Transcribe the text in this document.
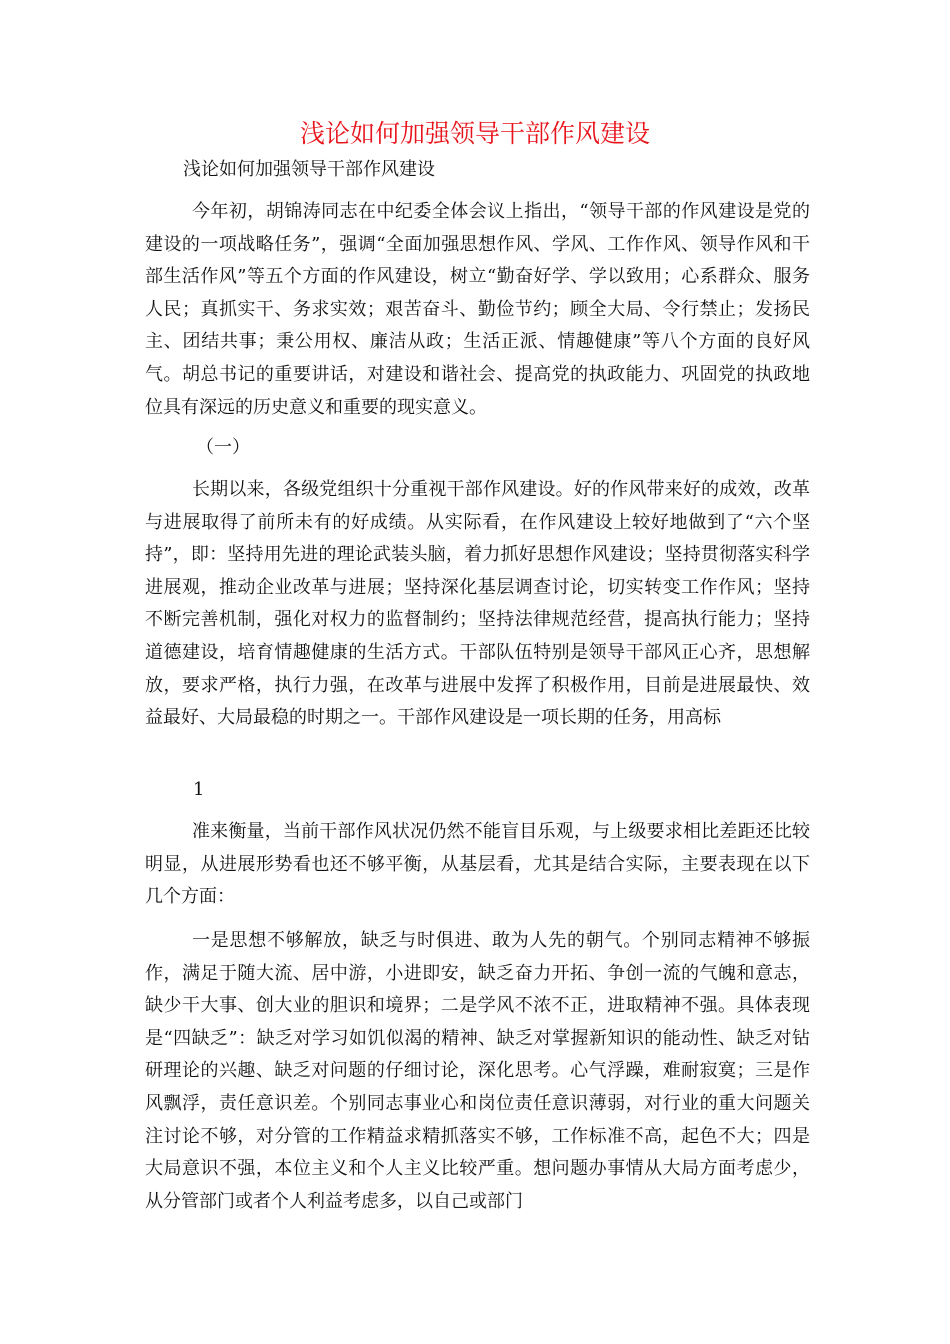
浅论如何加强领导干部作风建设
浅论如何加强领导干部作风建设

今年初，胡锦涛同志在中纪委全体会议上指出，“领导干部的作风建设是党的建设的一项战略任务”，强调“全面加强思想作风、学风、工作作风、领导作风和干部生活作风”等五个方面的作风建设，树立“勤奋好学、学以致用；心系群众、服务人民；真抓实干、务求实效；艰苦奋斗、勤俭节约；顾全大局、令行禁止；发扬民主、团结共事；秉公用权、廉洁从政；生活正派、情趣健康”等八个方面的良好风气。胡总书记的重要讲话，对建设和谐社会、提高党的执政能力、巩固党的执政地位具有深远的历史意义和重要的现实意义。

（一）

长期以来，各级党组织十分重视干部作风建设。好的作风带来好的成效，改革与进展取得了前所未有的好成绩。从实际看，在作风建设上较好地做到了“六个坚持”，即：坚持用先进的理论武装头脑，着力抓好思想作风建设；坚持贯彻落实科学进展观，推动企业改革与进展；坚持深化基层调查讨论，切实转变工作作风；坚持不断完善机制，强化对权力的监督制约；坚持法律规范经营，提高执行能力；坚持道德建设，培育情趣健康的生活方式。干部队伍特别是领导干部风正心齐，思想解放，要求严格，执行力强，在改革与进展中发挥了积极作用，目前是进展最快、效益最好、大局最稳的时期之一。干部作风建设是一项长期的任务，用高标

1

准来衡量，当前干部作风状况仍然不能盲目乐观，与上级要求相比差距还比较明显，从进展形势看也还不够平衡，从基层看，尤其是结合实际，主要表现在以下几个方面：

一是思想不够解放，缺乏与时俱进、敢为人先的朝气。个别同志精神不够振作，满足于随大流、居中游，小进即安，缺乏奋力开拓、争创一流的气魄和意志，缺少干大事、创大业的胆识和境界；二是学风不浓不正，进取精神不强。具体表现是“四缺乏”：缺乏对学习如饥似渴的精神、缺乏对掌握新知识的能动性、缺乏对钻研理论的兴趣、缺乏对问题的仔细讨论，深化思考。心气浮躁，难耐寂寞；三是作风飘浮，责任意识差。个别同志事业心和岗位责任意识薄弱，对行业的重大问题关注讨论不够，对分管的工作精益求精抓落实不够，工作标准不高，起色不大；四是大局意识不强，本位主义和个人主义比较严重。想问题办事情从大局方面考虑少，从分管部门或者个人利益考虑多，以自己或部门
